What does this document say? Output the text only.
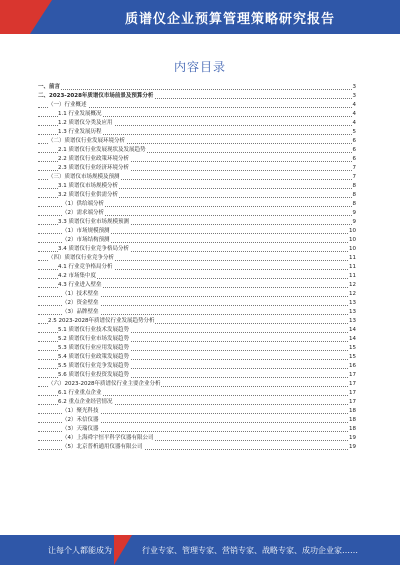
质谱仪企业预算管理策略研究报告
内容目录
一、前言	3
二、2023-2028年质谱仪市场前景及预算分析	3
（一）行业概述	4
1.1 行业发展概况	4
1.2 质谱仪分类及应用	4
1.3 行业发展历程	5
（二）质谱仪行业发展环境分析	6
2.1 质谱仪行业发展现状及发展趋势	6
2.2 质谱仪行业政策环境分析	6
2.3 质谱仪行业经济环境分析	7
（三）质谱仪市场规模及预测	7
3.1 质谱仪市场规模分析	8
3.2 质谱仪行业供需分析	8
（1）供给端分析	8
（2）需求端分析	9
3.3 质谱仪行业市场规模预测	9
（1）市场规模预测	10
（2）市场结构预测	10
3.4 质谱仪行业竞争格局分析	10
（四）质谱仪行业竞争分析	11
4.1 行业竞争格局分析	11
4.2 市场集中度	11
4.3 行业进入壁垒	12
（1）技术壁垒	12
（2）资金壁垒	13
（3）品牌壁垒	13
2.5 2023-2028年质谱仪行业发展趋势分析	13
5.1 质谱仪行业技术发展趋势	14
5.2 质谱仪行业市场发展趋势	14
5.3 质谱仪行业应用发展趋势	15
5.4 质谱仪行业政策发展趋势	15
5.5 质谱仪行业竞争发展趋势	16
5.6 质谱仪行业投资发展趋势	17
（六）2023-2028年质谱仪行业主要企业分析	17
6.1 行业重点企业	17
6.2 重点企业经营情况	17
（1）聚光科技	18
（2）禾信仪器	18
（3）天瑞仪器	18
（4）上海舜宇恒平科学仪器有限公司	19
（5）北京普析通用仪器有限公司	19
让每个人都能成为	行业专家、管理专家、营销专家、战略专家、成功企业家……
